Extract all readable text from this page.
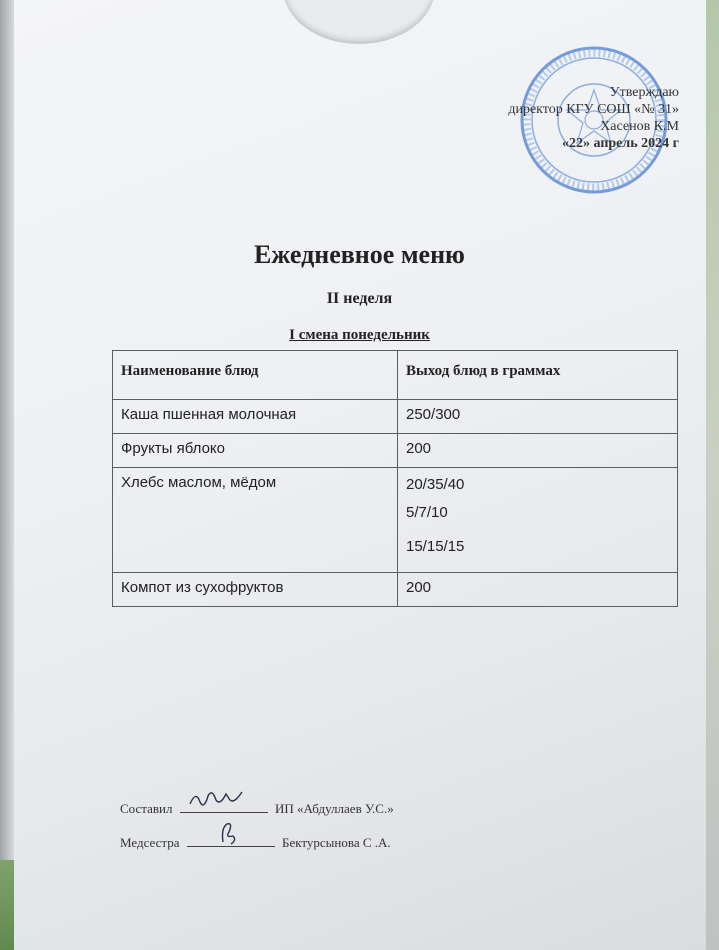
Утверждаю
директор КГУ СОШ «№ 31»
Хасенов К.М
«22» апрель 2024 г
Ежедневное меню
II неделя
I смена понедельник
Наименование блюд	Выход блюд в граммах
Каша пшенная молочная	250/300
Фрукты яблоко	200
Хлебс маслом, мёдом	20/35/40
5/7/10
15/15/15

Компот из сухофруктов	200
Составил	ИП «Абдуллаев У.С.»
Медсестра	Бектурсынова С .А.
